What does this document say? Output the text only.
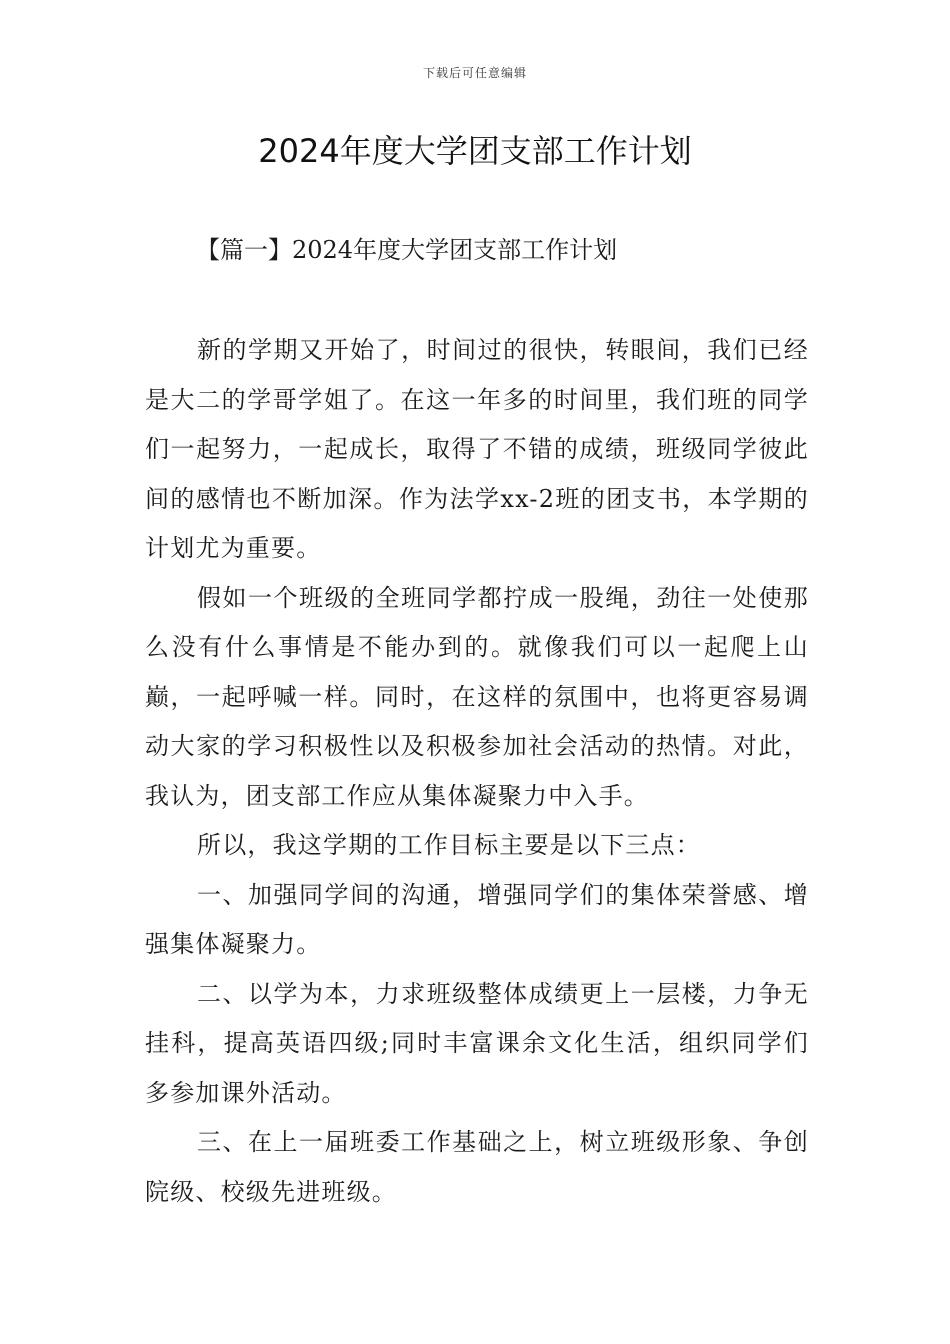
下载后可任意编辑
2024年度大学团支部工作计划
【篇一】2024年度大学团支部工作计划

新的学期又开始了，时间过的很快，转眼间，我们已经是大二的学哥学姐了。在这一年多的时间里，我们班的同学们一起努力，一起成长，取得了不错的成绩，班级同学彼此间的感情也不断加深。作为法学xx-2班的团支书，本学期的计划尤为重要。

假如一个班级的全班同学都拧成一股绳，劲往一处使那么没有什么事情是不能办到的。就像我们可以一起爬上山巅，一起呼喊一样。同时，在这样的氛围中，也将更容易调动大家的学习积极性以及积极参加社会活动的热情。对此，我认为，团支部工作应从集体凝聚力中入手。

所以，我这学期的工作目标主要是以下三点：

一、加强同学间的沟通，增强同学们的集体荣誉感、增强集体凝聚力。

二、以学为本，力求班级整体成绩更上一层楼，力争无挂科，提高英语四级;同时丰富课余文化生活，组织同学们多参加课外活动。

三、在上一届班委工作基础之上，树立班级形象、争创院级、校级先进班级。
